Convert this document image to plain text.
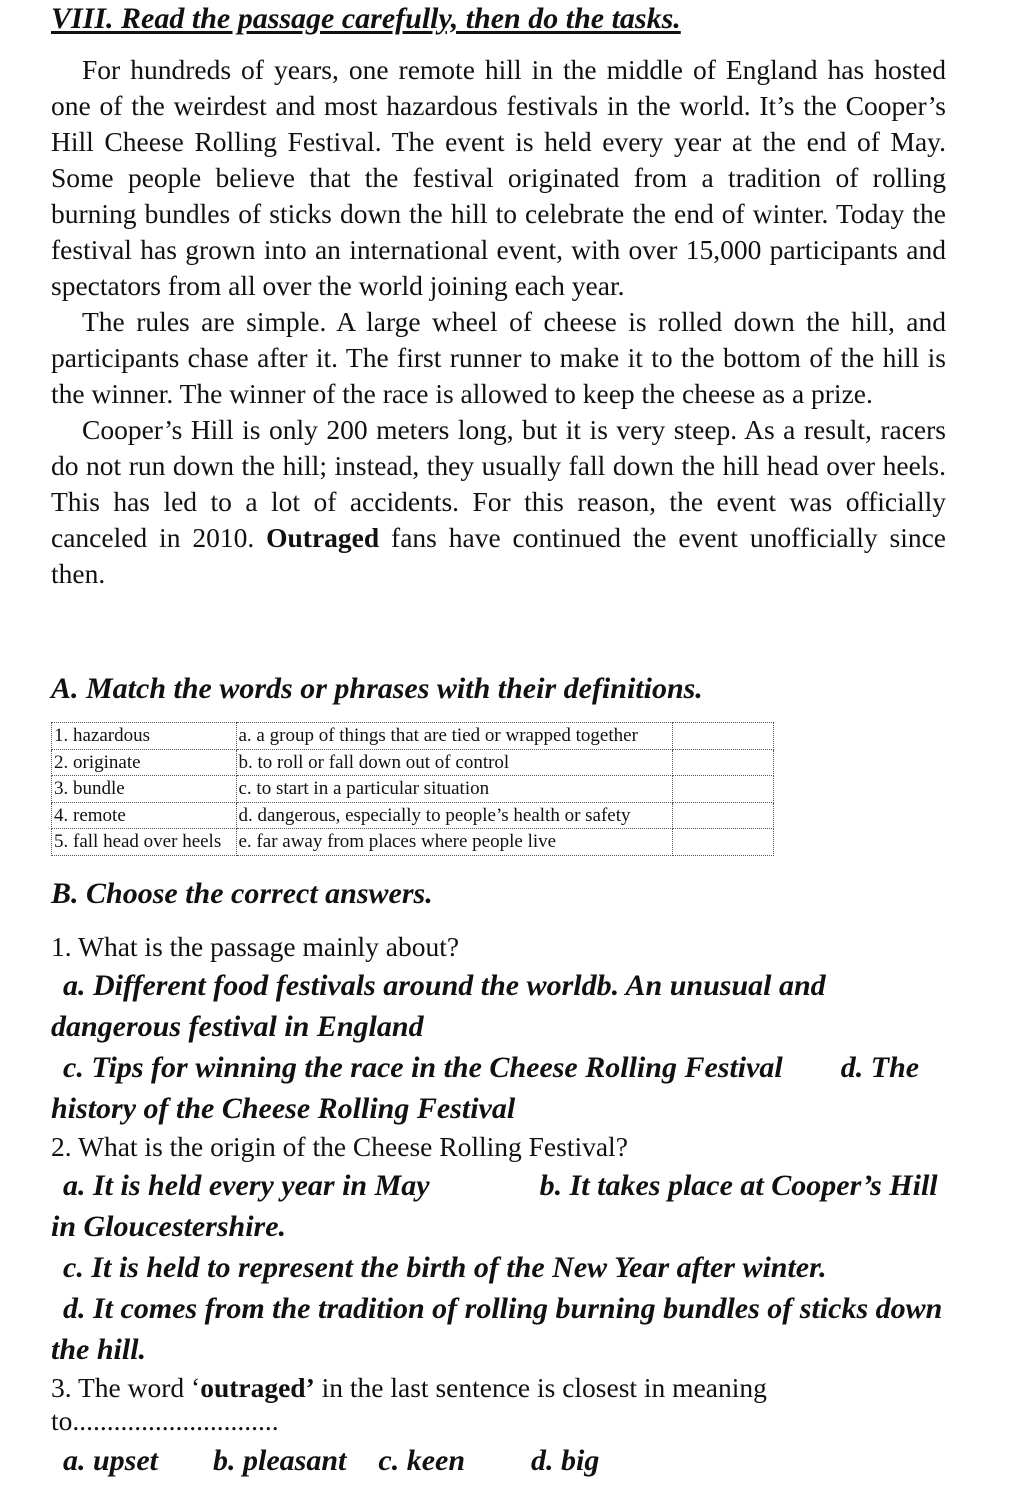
VIII. Read the passage carefully, then do the tasks.

For hundreds of years, one remote hill in the middle of England has hosted one of the weirdest and most hazardous festivals in the world. It’s the Cooper’s Hill Cheese Rolling Festival. The event is held every year at the end of May. Some people believe that the festival originated from a tradition of rolling burning bundles of sticks down the hill to celebrate the end of winter. Today the festival has grown into an international event, with over 15,000 participants and spectators from all over the world joining each year.

The rules are simple. A large wheel of cheese is rolled down the hill, and participants chase after it. The first runner to make it to the bottom of the hill is the winner. The winner of the race is allowed to keep the cheese as a prize.

Cooper’s Hill is only 200 meters long, but it is very steep. As a result, racers do not run down the hill; instead, they usually fall down the hill head over heels. This has led to a lot of accidents. For this reason, the event was officially canceled in 2010. Outraged fans have continued the event unofficially since then.

A. Match the words or phrases with their definitions.
1. hazardous	a. a group of things that are tied or wrapped together	
2. originate	b. to roll or fall down out of control	
3. bundle	c. to start in a particular situation	
4. remote	d. dangerous, especially to people’s health or safety	
5. fall head over heels	e. far away from places where people live	
B. Choose the correct answers.
1. What is the passage mainly about?
a. Different food festivals around the worldb. An unusual and dangerous festival in England
c. Tips for winning the race in the Cheese Rolling Festival d. The history of the Cheese Rolling Festival
2. What is the origin of the Cheese Rolling Festival?
a. It is held every year in May	b. It takes place at Cooper’s Hill in Gloucestershire.
c. It is held to represent the birth of the New Year after winter.
d. It comes from the tradition of rolling burning bundles of sticks down the hill.
3. The word ‘outraged’ in the last sentence is closest in meaning
to..............................
a. upset b. pleasant c. keen d. big
